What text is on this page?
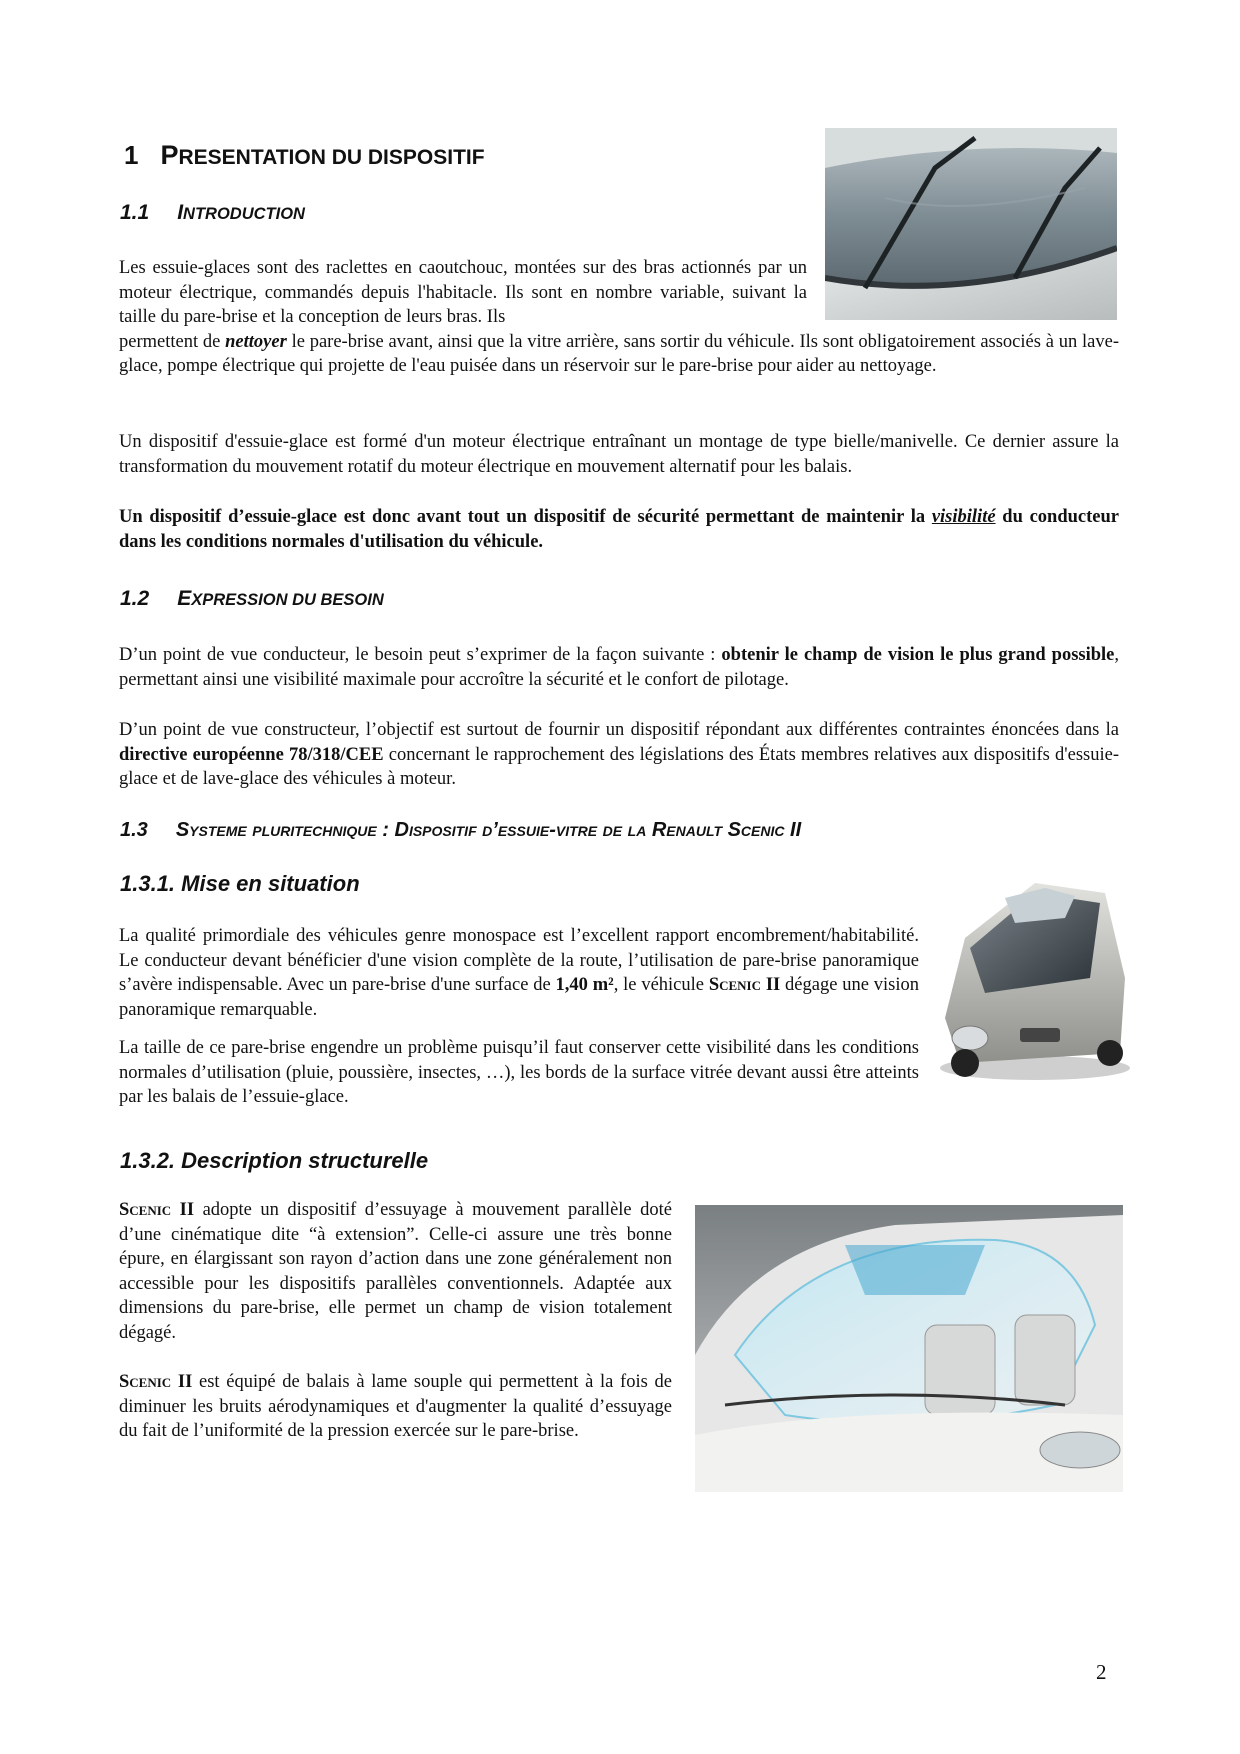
1 PRESENTATION DU DISPOSITIF
1.1 INTRODUCTION
Les essuie-glaces sont des raclettes en caoutchouc, montées sur des bras actionnés par un moteur électrique, commandés depuis l'habitacle. Ils sont en nombre variable, suivant la taille du pare-brise et la conception de leurs bras. Ils
permettent de nettoyer le pare-brise avant, ainsi que la vitre arrière, sans sortir du véhicule. Ils sont obligatoirement associés à un lave-glace, pompe électrique qui projette de l'eau puisée dans un réservoir sur le pare-brise pour aider au nettoyage.
Un dispositif d'essuie-glace est formé d'un moteur électrique entraînant un montage de type bielle/manivelle. Ce dernier assure la transformation du mouvement rotatif du moteur électrique en mouvement alternatif pour les balais.
Un dispositif d’essuie-glace est donc avant tout un dispositif de sécurité permettant de maintenir la visibilité du conducteur dans les conditions normales d'utilisation du véhicule.
1.2 EXPRESSION DU BESOIN
D’un point de vue conducteur, le besoin peut s’exprimer de la façon suivante : obtenir le champ de vision le plus grand possible, permettant ainsi une visibilité maximale pour accroître la sécurité et le confort de pilotage.
D’un point de vue constructeur, l’objectif est surtout de fournir un dispositif répondant aux différentes contraintes énoncées dans la directive européenne 78/318/CEE concernant le rapprochement des législations des États membres relatives aux dispositifs d'essuie-glace et de lave-glace des véhicules à moteur.
1.3 Systeme pluritechnique : Dispositif d’essuie-vitre de la Renault Scenic II
1.3.1. Mise en situation
La qualité primordiale des véhicules genre monospace est l’excellent rapport encombrement/habitabilité. Le conducteur devant bénéficier d'une vision complète de la route, l’utilisation de pare-brise panoramique s’avère indispensable. Avec un pare-brise d'une surface de 1,40 m², le véhicule Scenic II dégage une vision panoramique remarquable.
La taille de ce pare-brise engendre un problème puisqu’il faut conserver cette visibilité dans les conditions normales d’utilisation (pluie, poussière, insectes, …), les bords de la surface vitrée devant aussi être atteints par les balais de l’essuie-glace.
1.3.2. Description structurelle
Scenic II adopte un dispositif d’essuyage à mouvement parallèle doté d’une cinématique dite “à extension”. Celle-ci assure une très bonne épure, en élargissant son rayon d’action dans une zone généralement non accessible pour les dispositifs parallèles conventionnels. Adaptée aux dimensions du pare-brise, elle permet un champ de vision totalement dégagé.
Scenic II est équipé de balais à lame souple qui permettent à la fois de diminuer les bruits aérodynamiques et d'augmenter la qualité d’essuyage du fait de l’uniformité de la pression exercée sur le pare-brise.
2
